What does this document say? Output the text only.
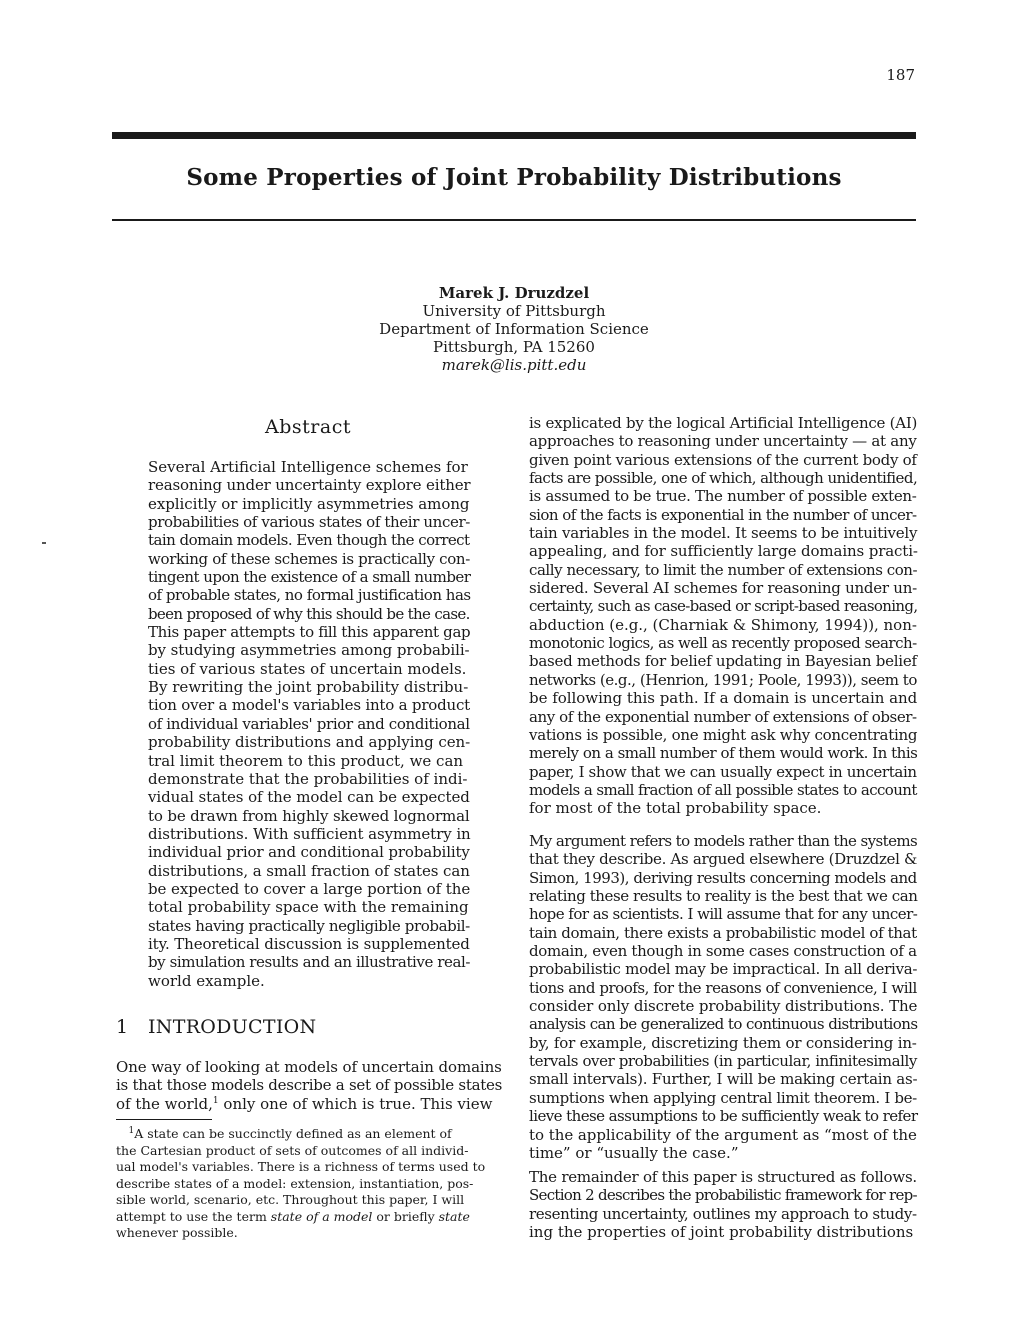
187
Some Properties of Joint Probability Distributions
Marek J. Druzdzel
University of Pittsburgh
Department of Information Science
Pittsburgh, PA 15260
marek@lis.pitt.edu
Abstract
Several Artificial Intelligence schemes for
reasoning under uncertainty explore either
explicitly or implicitly asymmetries among
probabilities of various states of their uncer-
tain domain models. Even though the correct
working of these schemes is practically con-
tingent upon the existence of a small number
of probable states, no formal justification has
been proposed of why this should be the case.
This paper attempts to fill this apparent gap
by studying asymmetries among probabili-
ties of various states of uncertain models.
By rewriting the joint probability distribu-
tion over a model's variables into a product
of individual variables' prior and conditional
probability distributions and applying cen-
tral limit theorem to this product, we can
demonstrate that the probabilities of indi-
vidual states of the model can be expected
to be drawn from highly skewed lognormal
distributions. With sufficient asymmetry in
individual prior and conditional probability
distributions, a small fraction of states can
be expected to cover a large portion of the
total probability space with the remaining
states having practically negligible probabil-
ity. Theoretical discussion is supplemented
by simulation results and an illustrative real-
world example.
1 INTRODUCTION
One way of looking at models of uncertain domains
is that those models describe a set of possible states
of the world,$^1$ only one of which is true. This view
 $^1$A state can be succinctly defined as an element of
the Cartesian product of sets of outcomes of all individ-
ual model's variables. There is a richness of terms used to
describe states of a model: extension, instantiation, pos-
sible world, scenario, etc. Throughout this paper, I will
attempt to use the term state of a model or briefly state
whenever possible.
is explicated by the logical Artificial Intelligence (AI)
approaches to reasoning under uncertainty — at any
given point various extensions of the current body of
facts are possible, one of which, although unidentified,
is assumed to be true. The number of possible exten-
sion of the facts is exponential in the number of uncer-
tain variables in the model. It seems to be intuitively
appealing, and for sufficiently large domains practi-
cally necessary, to limit the number of extensions con-
sidered. Several AI schemes for reasoning under un-
certainty, such as case-based or script-based reasoning,
abduction (e.g., (Charniak & Shimony, 1994)), non-
monotonic logics, as well as recently proposed search-
based methods for belief updating in Bayesian belief
networks (e.g., (Henrion, 1991; Poole, 1993)), seem to
be following this path. If a domain is uncertain and
any of the exponential number of extensions of obser-
vations is possible, one might ask why concentrating
merely on a small number of them would work. In this
paper, I show that we can usually expect in uncertain
models a small fraction of all possible states to account
for most of the total probability space.
My argument refers to models rather than the systems
that they describe. As argued elsewhere (Druzdzel &
Simon, 1993), deriving results concerning models and
relating these results to reality is the best that we can
hope for as scientists. I will assume that for any uncer-
tain domain, there exists a probabilistic model of that
domain, even though in some cases construction of a
probabilistic model may be impractical. In all deriva-
tions and proofs, for the reasons of convenience, I will
consider only discrete probability distributions. The
analysis can be generalized to continuous distributions
by, for example, discretizing them or considering in-
tervals over probabilities (in particular, infinitesimally
small intervals). Further, I will be making certain as-
sumptions when applying central limit theorem. I be-
lieve these assumptions to be sufficiently weak to refer
to the applicability of the argument as “most of the
time” or “usually the case.”
The remainder of this paper is structured as follows.
Section 2 describes the probabilistic framework for rep-
resenting uncertainty, outlines my approach to study-
ing the properties of joint probability distributions
